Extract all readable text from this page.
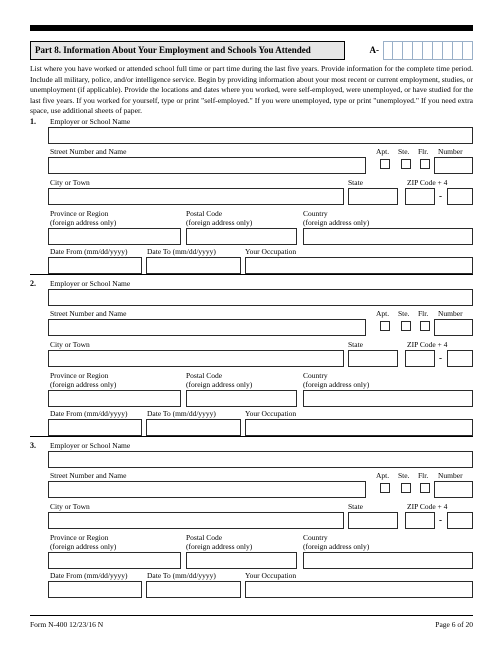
Part 8. Information About Your Employment and Schools You Attended	A-
List where you have worked or attended school full time or part time during the last five years. Provide information for the complete time period. Include all military, police, and/or intelligence service. Begin by providing information about your most recent or current employment, studies, or unemployment (if applicable). Provide the locations and dates where you worked, were self-employed, were unemployed, or have studied for the last five years. If you worked for yourself, type or print "self-employed." If you were unemployed, type or print "unemployed." If you need extra space, use additional sheets of paper.
1. Employer or School Name
Street Number and Name	Apt. Ste. Flr. Number
City or Town	State	ZIP Code + 4
-
Province or Region
(foreign address only)
Postal Code
(foreign address only)
Country
(foreign address only)
Date From (mm/dd/yyyy)	Date To (mm/dd/yyyy)	Your Occupation
2. Employer or School Name
Street Number and Name	Apt. Ste. Flr. Number
City or Town	State	ZIP Code + 4
-
Province or Region
(foreign address only)
Postal Code
(foreign address only)
Country
(foreign address only)
Date From (mm/dd/yyyy)	Date To (mm/dd/yyyy)	Your Occupation
3. Employer or School Name
Street Number and Name	Apt. Ste. Flr. Number
City or Town	State	ZIP Code + 4
-
Province or Region
(foreign address only)
Postal Code
(foreign address only)
Country
(foreign address only)
Date From (mm/dd/yyyy)	Date To (mm/dd/yyyy)	Your Occupation
Form N-400 12/23/16 N	Page 6 of 20
